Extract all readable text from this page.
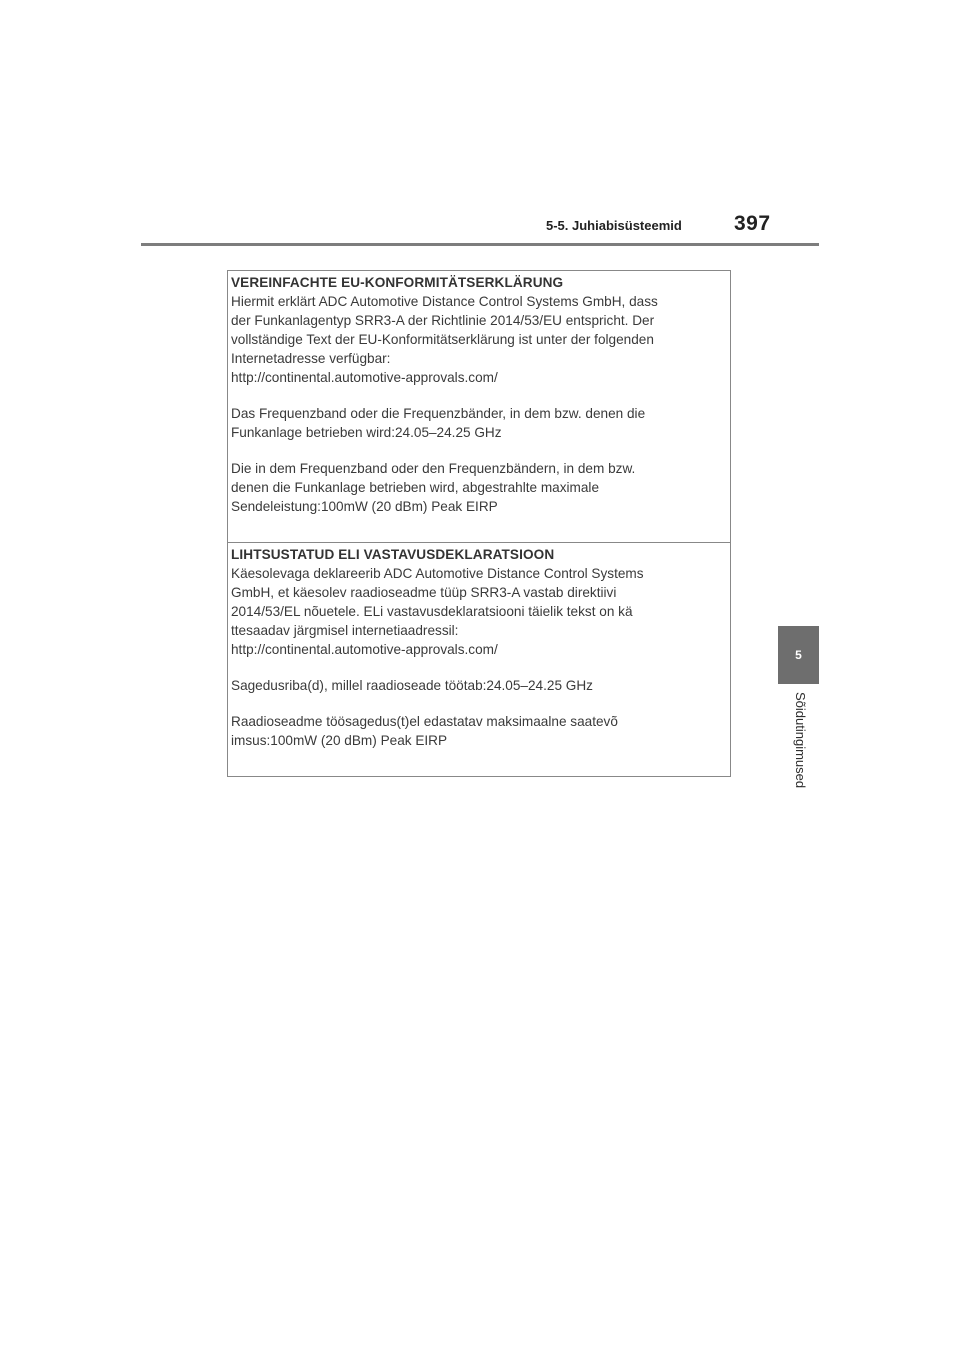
5-5. Juhiabisüsteemid 397
5
Sõidutingimused

VEREINFACHTE EU-KONFORMITÄTSERKLÄRUNG

Hiermit erklärt ADC Automotive Distance Control Systems GmbH, dass

der Funkanlagentyp SRR3-A der Richtlinie 2014/53/EU entspricht. Der

vollständige Text der EU-Konformitätserklärung ist unter der folgenden

Internetadresse verfügbar:

http://continental.automotive-approvals.com/

Das Frequenzband oder die Frequenzbänder, in dem bzw. denen die

Funkanlage betrieben wird:24.05–24.25 GHz

Die in dem Frequenzband oder den Frequenzbändern, in dem bzw.

denen die Funkanlage betrieben wird, abgestrahlte maximale

Sendeleistung:100mW (20 dBm) Peak EIRP

LIHTSUSTATUD ELI VASTAVUSDEKLARATSIOON

Käesolevaga deklareerib ADC Automotive Distance Control Systems

GmbH, et käesolev raadioseadme tüüp SRR3-A vastab direktiivi

2014/53/EL nõuetele. ELi vastavusdeklaratsiooni täielik tekst on kä

ttesaadav järgmisel internetiaadressil:

http://continental.automotive-approvals.com/

Sagedusriba(d), millel raadioseade töötab:24.05–24.25 GHz

Raadioseadme töösagedus(t)el edastatav maksimaalne saatevõ

imsus:100mW (20 dBm) Peak EIRP
